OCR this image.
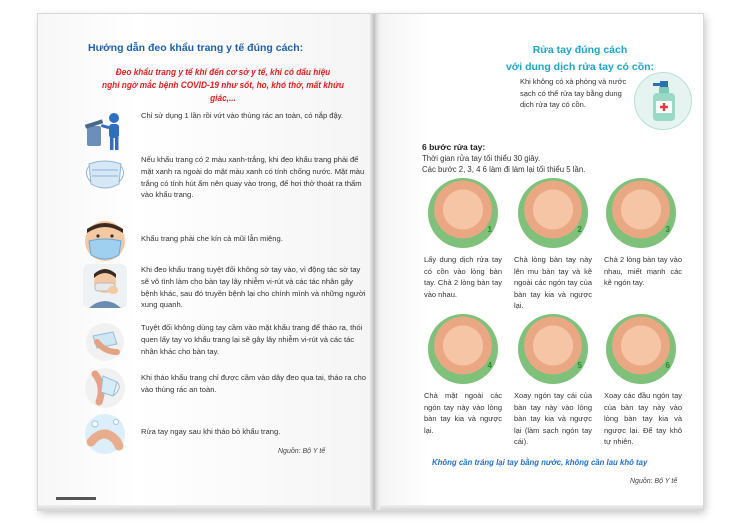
Hướng dẫn đeo khẩu trang y tế đúng cách:
Đeo khẩu trang y tế khi đến cơ sở y tế, khi có dấu hiệu
nghi ngờ mắc bệnh COVID-19 như sốt, ho, khó thở, mất khứu giác,...
Chỉ sử dụng 1 lần rồi vứt vào thùng rác an toàn, có nắp đậy.
Nếu khẩu trang có 2 màu xanh-trắng, khi đeo khẩu trang phải để mặt xanh ra ngoài do mặt màu xanh có tính chống nước. Mặt màu trắng có tính hút ẩm nên quay vào trong, để hơi thở thoát ra thấm vào khẩu trang.
Khẩu trang phải che kín cả mũi lẫn miệng.
Khi đeo khẩu trang tuyệt đối không sờ tay vào, vì động tác sờ tay sẽ vô tình làm cho bàn tay lây nhiễm vi-rút và các tác nhân gây bệnh khác, sau đó truyền bệnh lại cho chính mình và những người xung quanh.
Tuyệt đối không dùng tay cầm vào mặt khẩu trang để tháo ra, thói quen lấy tay vo khẩu trang lại sẽ gây lây nhiễm vi-rút và các tác nhân khác cho bàn tay.
Khi tháo khẩu trang chỉ được cầm vào dây đeo qua tai, tháo ra cho vào thùng rác an toàn.
Rửa tay ngay sau khi tháo bỏ khẩu trang.
Nguồn: Bộ Y tế
Rửa tay đúng cách
với dung dịch rửa tay có cồn:
Khi không có xà phòng và nước sạch có thể rửa tay bằng dung dịch rửa tay có cồn.
6 bước rửa tay:
Thời gian rửa tay tối thiểu 30 giây.
Các bước 2, 3, 4 6 làm đi làm lại tối thiểu 5 lần.
1	2	3
Lấy dung dịch rửa tay có cồn vào lòng bàn tay. Chà 2 lòng bàn tay vào nhau.
Chà lòng bàn tay này lên mu bàn tay và kẽ ngoài các ngón tay của bàn tay kia và ngược lại.
Chà 2 lòng bàn tay vào nhau, miết mạnh các kẽ ngón tay.
4	5	6
Chà mặt ngoài các ngón tay này vào lòng bàn tay kia và ngược lại.
Xoay ngón tay cái của bàn tay này vào lòng bàn tay kia và ngược lại (làm sạch ngón tay cái).
Xoay các đầu ngón tay của bàn tay này vào lòng bàn tay kia và ngược lại. Để tay khô tự nhiên.
Không cần tráng lại tay bằng nước, không cần lau khô tay
Nguồn: Bộ Y tế
